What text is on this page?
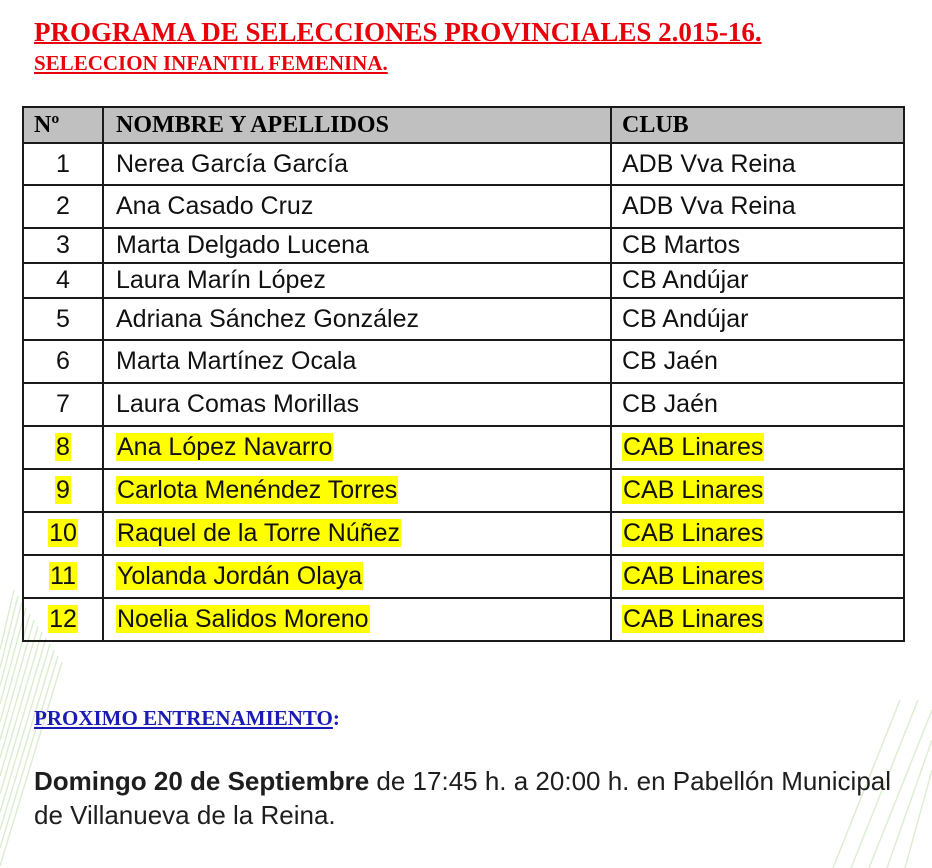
PROGRAMA DE SELECCIONES PROVINCIALES 2.015-16.
SELECCION INFANTIL FEMENINA.
Nº	NOMBRE Y APELLIDOS	CLUB
1	Nerea García García	ADB Vva Reina
2	Ana Casado Cruz	ADB Vva Reina
3	Marta Delgado Lucena	CB Martos
4	Laura Marín López	CB Andújar
5	Adriana Sánchez González	CB Andújar
6	Marta Martínez Ocala	CB Jaén
7	Laura Comas Morillas	CB Jaén
8	Ana López Navarro	CAB Linares
9	Carlota Menéndez Torres	CAB Linares
10	Raquel de la Torre Núñez	CAB Linares
11	Yolanda Jordán Olaya	CAB Linares
12	Noelia Salidos Moreno	CAB Linares

PROXIMO ENTRENAMIENTO:

Domingo 20 de Septiembre de 17:45 h. a 20:00 h. en Pabellón Municipal de Villanueva de la Reina.
